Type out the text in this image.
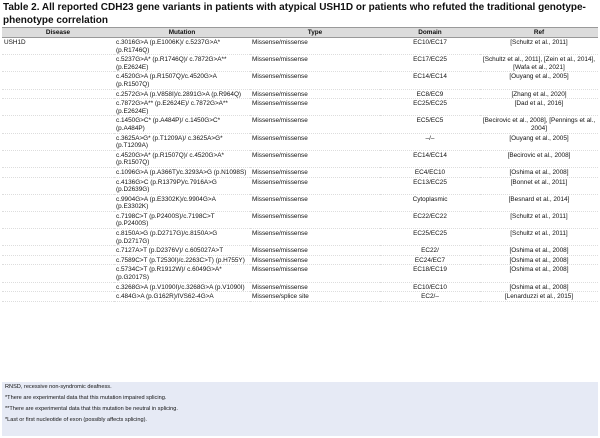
Table 2. All reported CDH23 gene variants in patients with atypical USH1D or patients who refuted the traditional genotype-phenotype correlation
Disease	Mutation	Type	Domain	Ref
USH1D	c.3016G>A (p.E1006K)/ c.5237G>A* (p.R1746Q)	Missense/missense	EC10/EC17	[Schultz et al., 2011]
	c.5237G>A* (p.R1746Q)/ c.7872G>A** (p.E2624E)	Missense/missense	EC17/EC25	[Schultz et al., 2011], [Zein et al., 2014], [Wafa et al., 2021]
	c.4520G>A (p.R1507Q)/c.4520G>A (p.R1507Q)	Missense/missense	EC14/EC14	[Ouyang et al., 2005]
	c.2572G>A (p.V858I)/c.2891G>A (p.R964Q)	Missense/missense	EC8/EC9	[Zhang et al., 2020]
	c.7872G>A** (p.E2624E)/ c.7872G>A** (p.E2624E)	Missense/missense	EC25/EC25	[Dad et al., 2016]
	c.1450G>C* (p.A484P)/ c.1450G>C* (p.A484P)	Missense/missense	EC5/EC5	[Becirovic et al., 2008], [Pennings et al., 2004]
	c.3625A>G* (p.T1209A)/ c.3625A>G* (p.T1209A)	Missense/missense	–/–	[Ouyang et al., 2005]
	c.4520G>A* (p.R1507Q)/ c.4520G>A* (p.R1507Q)	Missense/missense	EC14/EC14	[Becirovic et al., 2008]
	c.1096G>A (p.A366T)/c.3293A>G (p.N1098S)	Missense/missense	EC4/EC10	[Oshima et al., 2008]
	c.4136G>C (p.R1379P)/c.7916A>G (p.D2639G)	Missense/missense	EC13/EC25	[Bonnet et al., 2011]
	c.9904G>A (p.E3302K)/c.9904G>A (p.E3302K)	Missense/missense	Cytoplasmic	[Besnard et al., 2014]
	c.7198C>T (p.P2400S)/c.7198C>T (p.P2400S)	Missense/missense	EC22/EC22	[Schultz et al., 2011]
	c.8150A>G (p.D2717G)/c.8150A>G (p.D2717G)	Missense/missense	EC25/EC25	[Schultz et al., 2011]
	c.7127A>T (p.D2376V)/ c.605027A>T	Missense/missense	EC22/	[Oshima et al., 2008]
	c.7589C>T (p.T2530I)/c.2263C>T) (p.H755Y)	Missense/missense	EC24/EC7	[Oshima et al., 2008]
	c.5734C>T (p.R1912W)/ c.6049G>A* (p.G2017S)	Missense/missense	EC18/EC19	[Oshima et al., 2008]
	c.3268G>A (p.V1090I)/c.3268G>A (p.V1090I)	Missense/missense	EC10/EC10	[Oshima et al., 2008]
	c.484G>A (p.G162R)/IVS62-4G>A	Missense/splice site	EC2/–	[Lenarduzzi et al., 2015]

RNSD, recessive non-syndromic deafness.

*There are experimental data that this mutation impaired splicing.

**There are experimental data that this mutation be neutral in splicing.

*Last or first nucleotide of exon (possibly affects splicing).
